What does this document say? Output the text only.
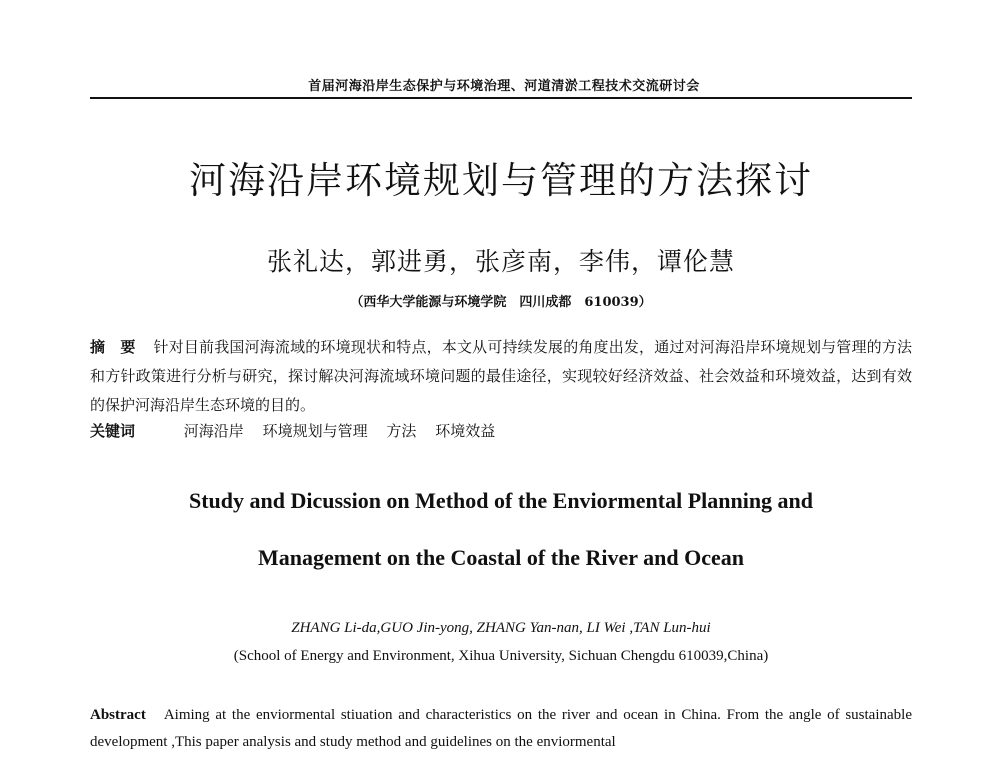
首届河海沿岸生态保护与环境治理、河道清淤工程技术交流研讨会
河海沿岸环境规划与管理的方法探讨
张礼达，郭进勇，张彦南，李伟，谭伦慧
（西华大学能源与环境学院　四川成都　610039）
摘　要 针对目前我国河海流域的环境现状和特点，本文从可持续发展的角度出发，通过对河海沿岸环境规划与管理的方法和方针政策进行分析与研究，探讨解决河海流域环境问题的最佳途径，实现较好经济效益、社会效益和环境效益，达到有效的保护河海沿岸生态环境的目的。
关键词	河海沿岸 环境规划与管理 方法 环境效益
Study and Dicussion on Method of the Enviormental Planning and
Management on the Coastal of the River and Ocean
ZHANG Li-da,GUO Jin-yong, ZHANG Yan-nan, LI Wei ,TAN Lun-hui
(School of Energy and Environment, Xihua University, Sichuan Chengdu 610039,China)
Abstract Aiming at the enviormental stiuation and characteristics on the river and ocean in China. From the angle of sustainable development ,This paper analysis and study method and guidelines on the enviormental
